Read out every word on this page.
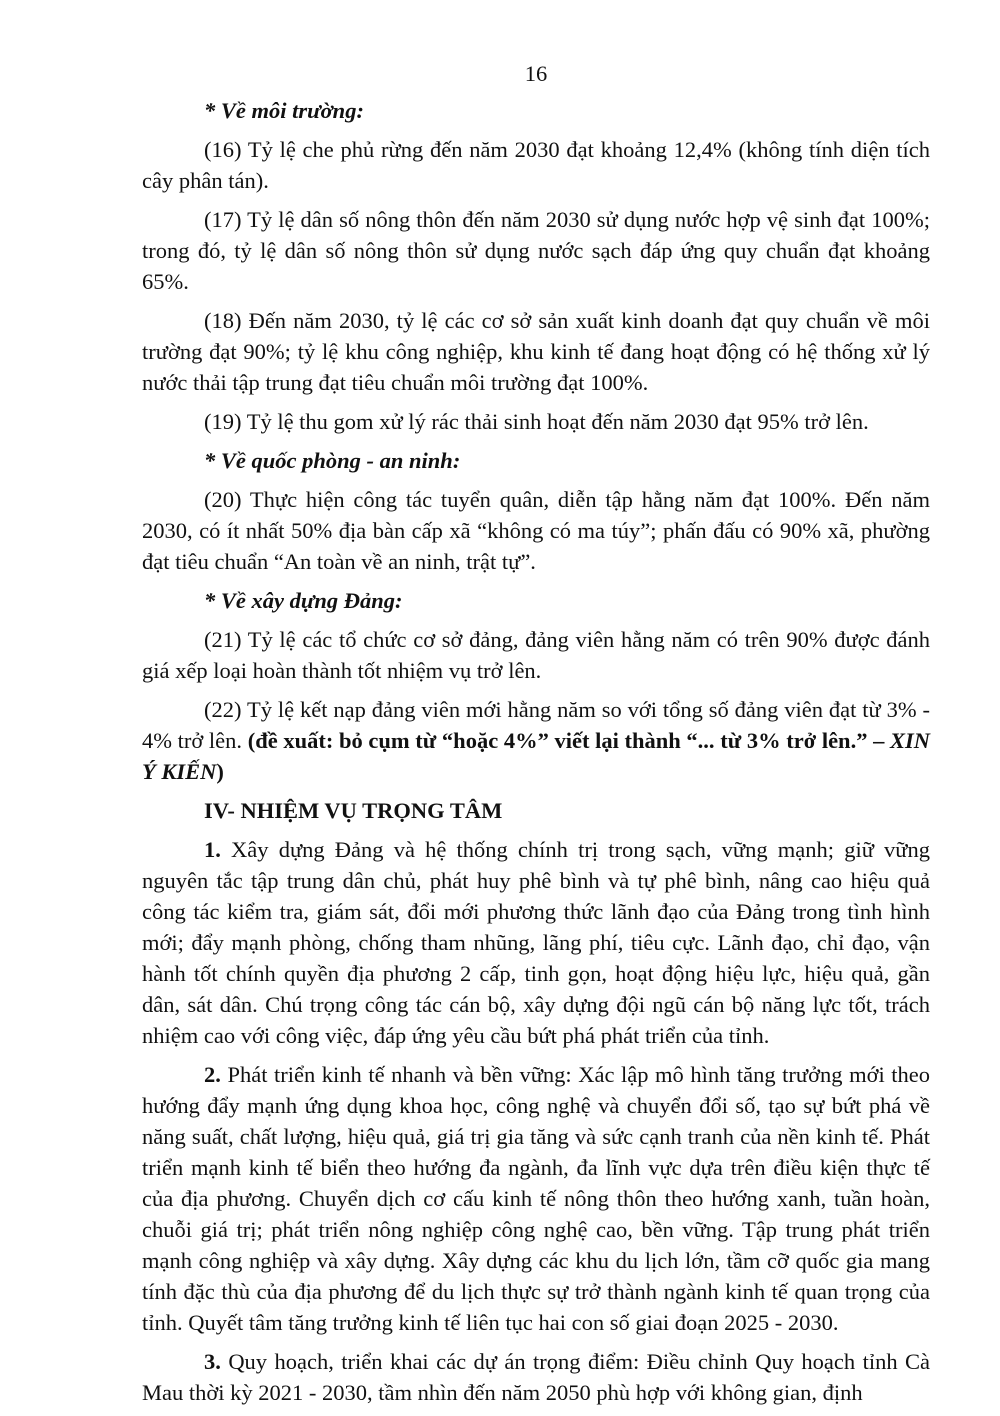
16
* Về môi trường:

(16) Tỷ lệ che phủ rừng đến năm 2030 đạt khoảng 12,4% (không tính diện tích cây phân tán).

(17) Tỷ lệ dân số nông thôn đến năm 2030 sử dụng nước hợp vệ sinh đạt 100%; trong đó, tỷ lệ dân số nông thôn sử dụng nước sạch đáp ứng quy chuẩn đạt khoảng 65%.

(18) Đến năm 2030, tỷ lệ các cơ sở sản xuất kinh doanh đạt quy chuẩn về môi trường đạt 90%; tỷ lệ khu công nghiệp, khu kinh tế đang hoạt động có hệ thống xử lý nước thải tập trung đạt tiêu chuẩn môi trường đạt 100%.

(19) Tỷ lệ thu gom xử lý rác thải sinh hoạt đến năm 2030 đạt 95% trở lên.

* Về quốc phòng - an ninh:

(20) Thực hiện công tác tuyển quân, diễn tập hằng năm đạt 100%. Đến năm 2030, có ít nhất 50% địa bàn cấp xã “không có ma túy”; phấn đấu có 90% xã, phường đạt tiêu chuẩn “An toàn về an ninh, trật tự”.

* Về xây dựng Đảng:

(21) Tỷ lệ các tổ chức cơ sở đảng, đảng viên hằng năm có trên 90% được đánh giá xếp loại hoàn thành tốt nhiệm vụ trở lên.

(22) Tỷ lệ kết nạp đảng viên mới hằng năm so với tổng số đảng viên đạt từ 3% - 4% trở lên. (đề xuất: bỏ cụm từ “hoặc 4%” viết lại thành “... từ 3% trở lên.” – XIN Ý KIẾN)

IV- NHIỆM VỤ TRỌNG TÂM

1. Xây dựng Đảng và hệ thống chính trị trong sạch, vững mạnh; giữ vững nguyên tắc tập trung dân chủ, phát huy phê bình và tự phê bình, nâng cao hiệu quả công tác kiểm tra, giám sát, đổi mới phương thức lãnh đạo của Đảng trong tình hình mới; đẩy mạnh phòng, chống tham nhũng, lãng phí, tiêu cực. Lãnh đạo, chỉ đạo, vận hành tốt chính quyền địa phương 2 cấp, tinh gọn, hoạt động hiệu lực, hiệu quả, gần dân, sát dân. Chú trọng công tác cán bộ, xây dựng đội ngũ cán bộ năng lực tốt, trách nhiệm cao với công việc, đáp ứng yêu cầu bứt phá phát triển của tỉnh.

2. Phát triển kinh tế nhanh và bền vững: Xác lập mô hình tăng trưởng mới theo hướng đẩy mạnh ứng dụng khoa học, công nghệ và chuyển đổi số, tạo sự bứt phá về năng suất, chất lượng, hiệu quả, giá trị gia tăng và sức cạnh tranh của nền kinh tế. Phát triển mạnh kinh tế biển theo hướng đa ngành, đa lĩnh vực dựa trên điều kiện thực tế của địa phương. Chuyển dịch cơ cấu kinh tế nông thôn theo hướng xanh, tuần hoàn, chuỗi giá trị; phát triển nông nghiệp công nghệ cao, bền vững. Tập trung phát triển mạnh công nghiệp và xây dựng. Xây dựng các khu du lịch lớn, tầm cỡ quốc gia mang tính đặc thù của địa phương để du lịch thực sự trở thành ngành kinh tế quan trọng của tỉnh. Quyết tâm tăng trưởng kinh tế liên tục hai con số giai đoạn 2025 - 2030.

3. Quy hoạch, triển khai các dự án trọng điểm: Điều chỉnh Quy hoạch tỉnh Cà Mau thời kỳ 2021 - 2030, tầm nhìn đến năm 2050 phù hợp với không gian, định
